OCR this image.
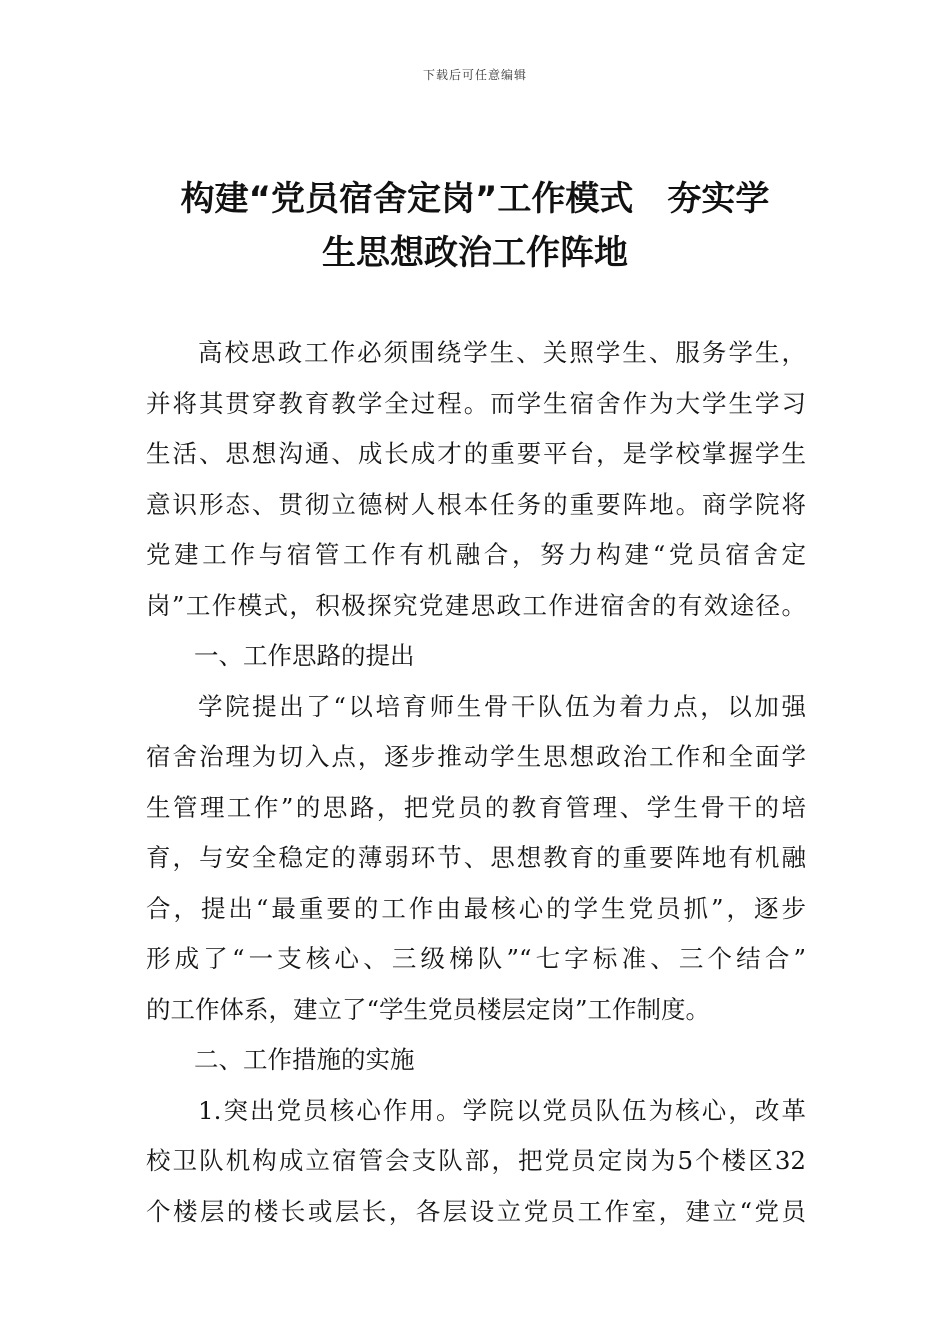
下载后可任意编辑
构建“党员宿舍定岗”工作模式　夯实学
生思想政治工作阵地
高校思政工作必须围绕学生、关照学生、服务学生，
并将其贯穿教育教学全过程。而学生宿舍作为大学生学习
生活、思想沟通、成长成才的重要平台，是学校掌握学生
意识形态、贯彻立德树人根本任务的重要阵地。商学院将
党建工作与宿管工作有机融合，努力构建“党员宿舍定
岗”工作模式，积极探究党建思政工作进宿舍的有效途径。
一、工作思路的提出
学院提出了“以培育师生骨干队伍为着力点，以加强
宿舍治理为切入点，逐步推动学生思想政治工作和全面学
生管理工作”的思路，把党员的教育管理、学生骨干的培
育，与安全稳定的薄弱环节、思想教育的重要阵地有机融
合，提出“最重要的工作由最核心的学生党员抓”，逐步
形成了“一支核心、三级梯队”“七字标准、三个结合”
的工作体系，建立了“学生党员楼层定岗”工作制度。
二、工作措施的实施
1.突出党员核心作用。学院以党员队伍为核心，改革
校卫队机构成立宿管会支队部，把党员定岗为5个楼区32
个楼层的楼长或层长，各层设立党员工作室，建立“党员
